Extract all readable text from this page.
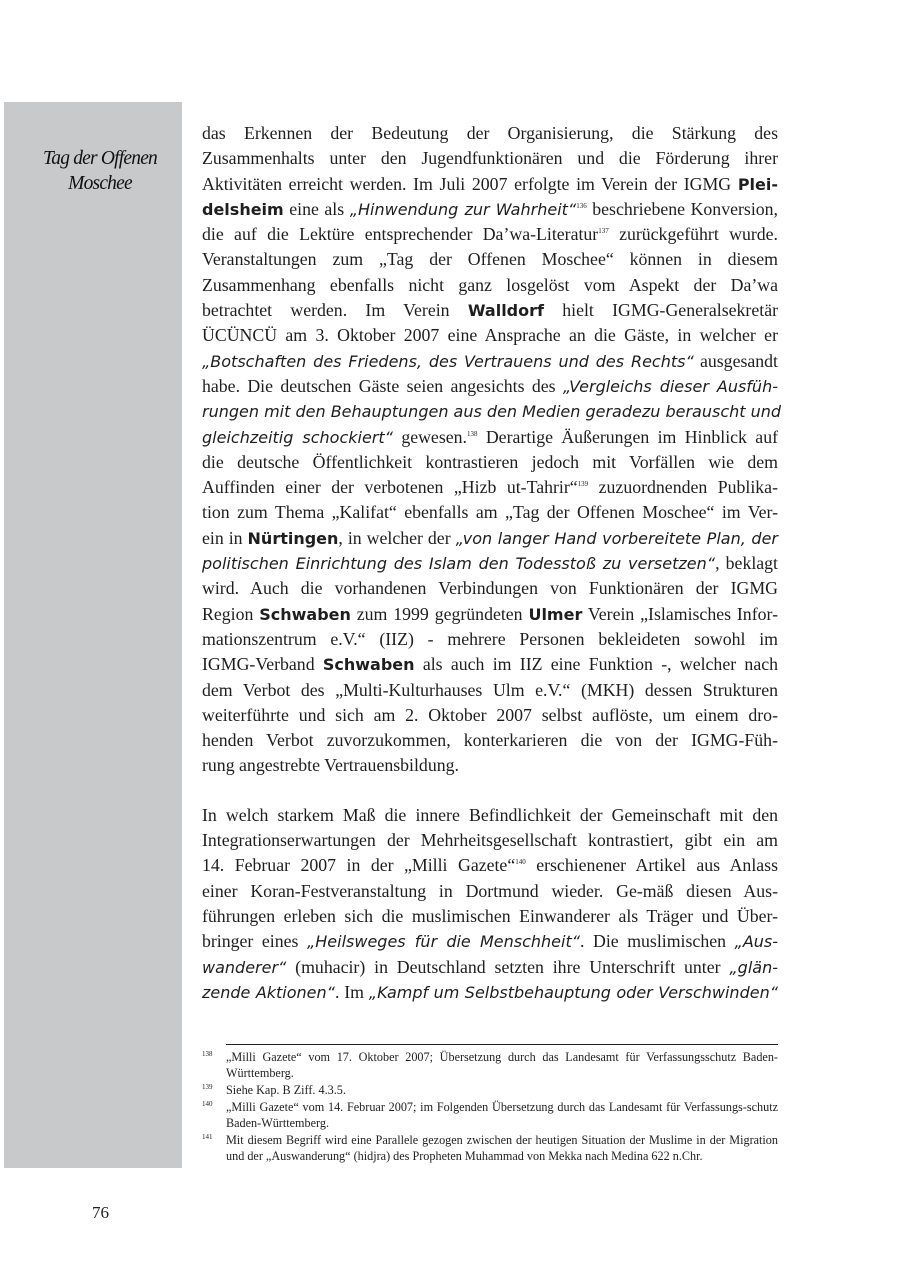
Tag der Offenen
Moschee
das Erkennen der Bedeutung der Organisierung, die Stärkung des
Zusammenhalts unter den Jugendfunktionären und die Förderung ihrer
Aktivitäten erreicht werden. Im Juli 2007 erfolgte im Verein der IGMG Plei-
delsheim eine als „Hinwendung zur Wahrheit“$^{136}$ beschriebene Konversion,
die auf die Lektüre entsprechender Da’wa-Literatur$^{137}$ zurückgeführt wurde.
Veranstaltungen zum „Tag der Offenen Moschee“ können in diesem
Zusammenhang ebenfalls nicht ganz losgelöst vom Aspekt der Da’wa
betrachtet werden. Im Verein Walldorf hielt IGMG-Generalsekretär
ÜCÜNCÜ am 3. Oktober 2007 eine Ansprache an die Gäste, in welcher er
„Botschaften des Friedens, des Vertrauens und des Rechts“ ausgesandt
habe. Die deutschen Gäste seien angesichts des „Vergleichs dieser Ausfüh-
rungen mit den Behauptungen aus den Medien geradezu berauscht und
gleichzeitig schockiert“ gewesen.$^{138}$ Derartige Äußerungen im Hinblick auf
die deutsche Öffentlichkeit kontrastieren jedoch mit Vorfällen wie dem
Auffinden einer der verbotenen „Hizb ut-Tahrir“$^{139}$ zuzuordnenden Publika-
tion zum Thema „Kalifat“ ebenfalls am „Tag der Offenen Moschee“ im Ver-
ein in Nürtingen, in welcher der „von langer Hand vorbereitete Plan, der
politischen Einrichtung des Islam den Todesstoß zu versetzen“, beklagt
wird. Auch die vorhandenen Verbindungen von Funktionären der IGMG
Region Schwaben zum 1999 gegründeten Ulmer Verein „Islamisches Infor-
mationszentrum e.V.“ (IIZ) - mehrere Personen bekleideten sowohl im
IGMG-Verband Schwaben als auch im IIZ eine Funktion -, welcher nach
dem Verbot des „Multi-Kulturhauses Ulm e.V.“ (MKH) dessen Strukturen
weiterführte und sich am 2. Oktober 2007 selbst auflöste, um einem dro-
henden Verbot zuvorzukommen, konterkarieren die von der IGMG-Füh-
rung angestrebte Vertrauensbildung.
In welch starkem Maß die innere Befindlichkeit der Gemeinschaft mit den
Integrationserwartungen der Mehrheitsgesellschaft kontrastiert, gibt ein am
14. Februar 2007 in der „Milli Gazete“$^{140}$ erschienener Artikel aus Anlass
einer Koran-Festveranstaltung in Dortmund wieder. Ge-mäß diesen Aus-
führungen erleben sich die muslimischen Einwanderer als Träger und Über-
bringer eines „Heilsweges für die Menschheit“. Die muslimischen „Aus-
wanderer“ (muhacir) in Deutschland setzten ihre Unterschrift unter „glän-
zende Aktionen“. Im „Kampf um Selbstbehauptung oder Verschwinden“
138 „Milli Gazete“ vom 17. Oktober 2007; Übersetzung durch das Landesamt für Verfassungsschutz Baden-Württemberg.
139 Siehe Kap. B Ziff. 4.3.5.
140 „Milli Gazete“ vom 14. Februar 2007; im Folgenden Übersetzung durch das Landesamt für Verfassungs-schutz Baden-Württemberg.
141 Mit diesem Begriff wird eine Parallele gezogen zwischen der heutigen Situation der Muslime in der Migration und der „Auswanderung“ (hidjra) des Propheten Muhammad von Mekka nach Medina 622 n.Chr.
76
